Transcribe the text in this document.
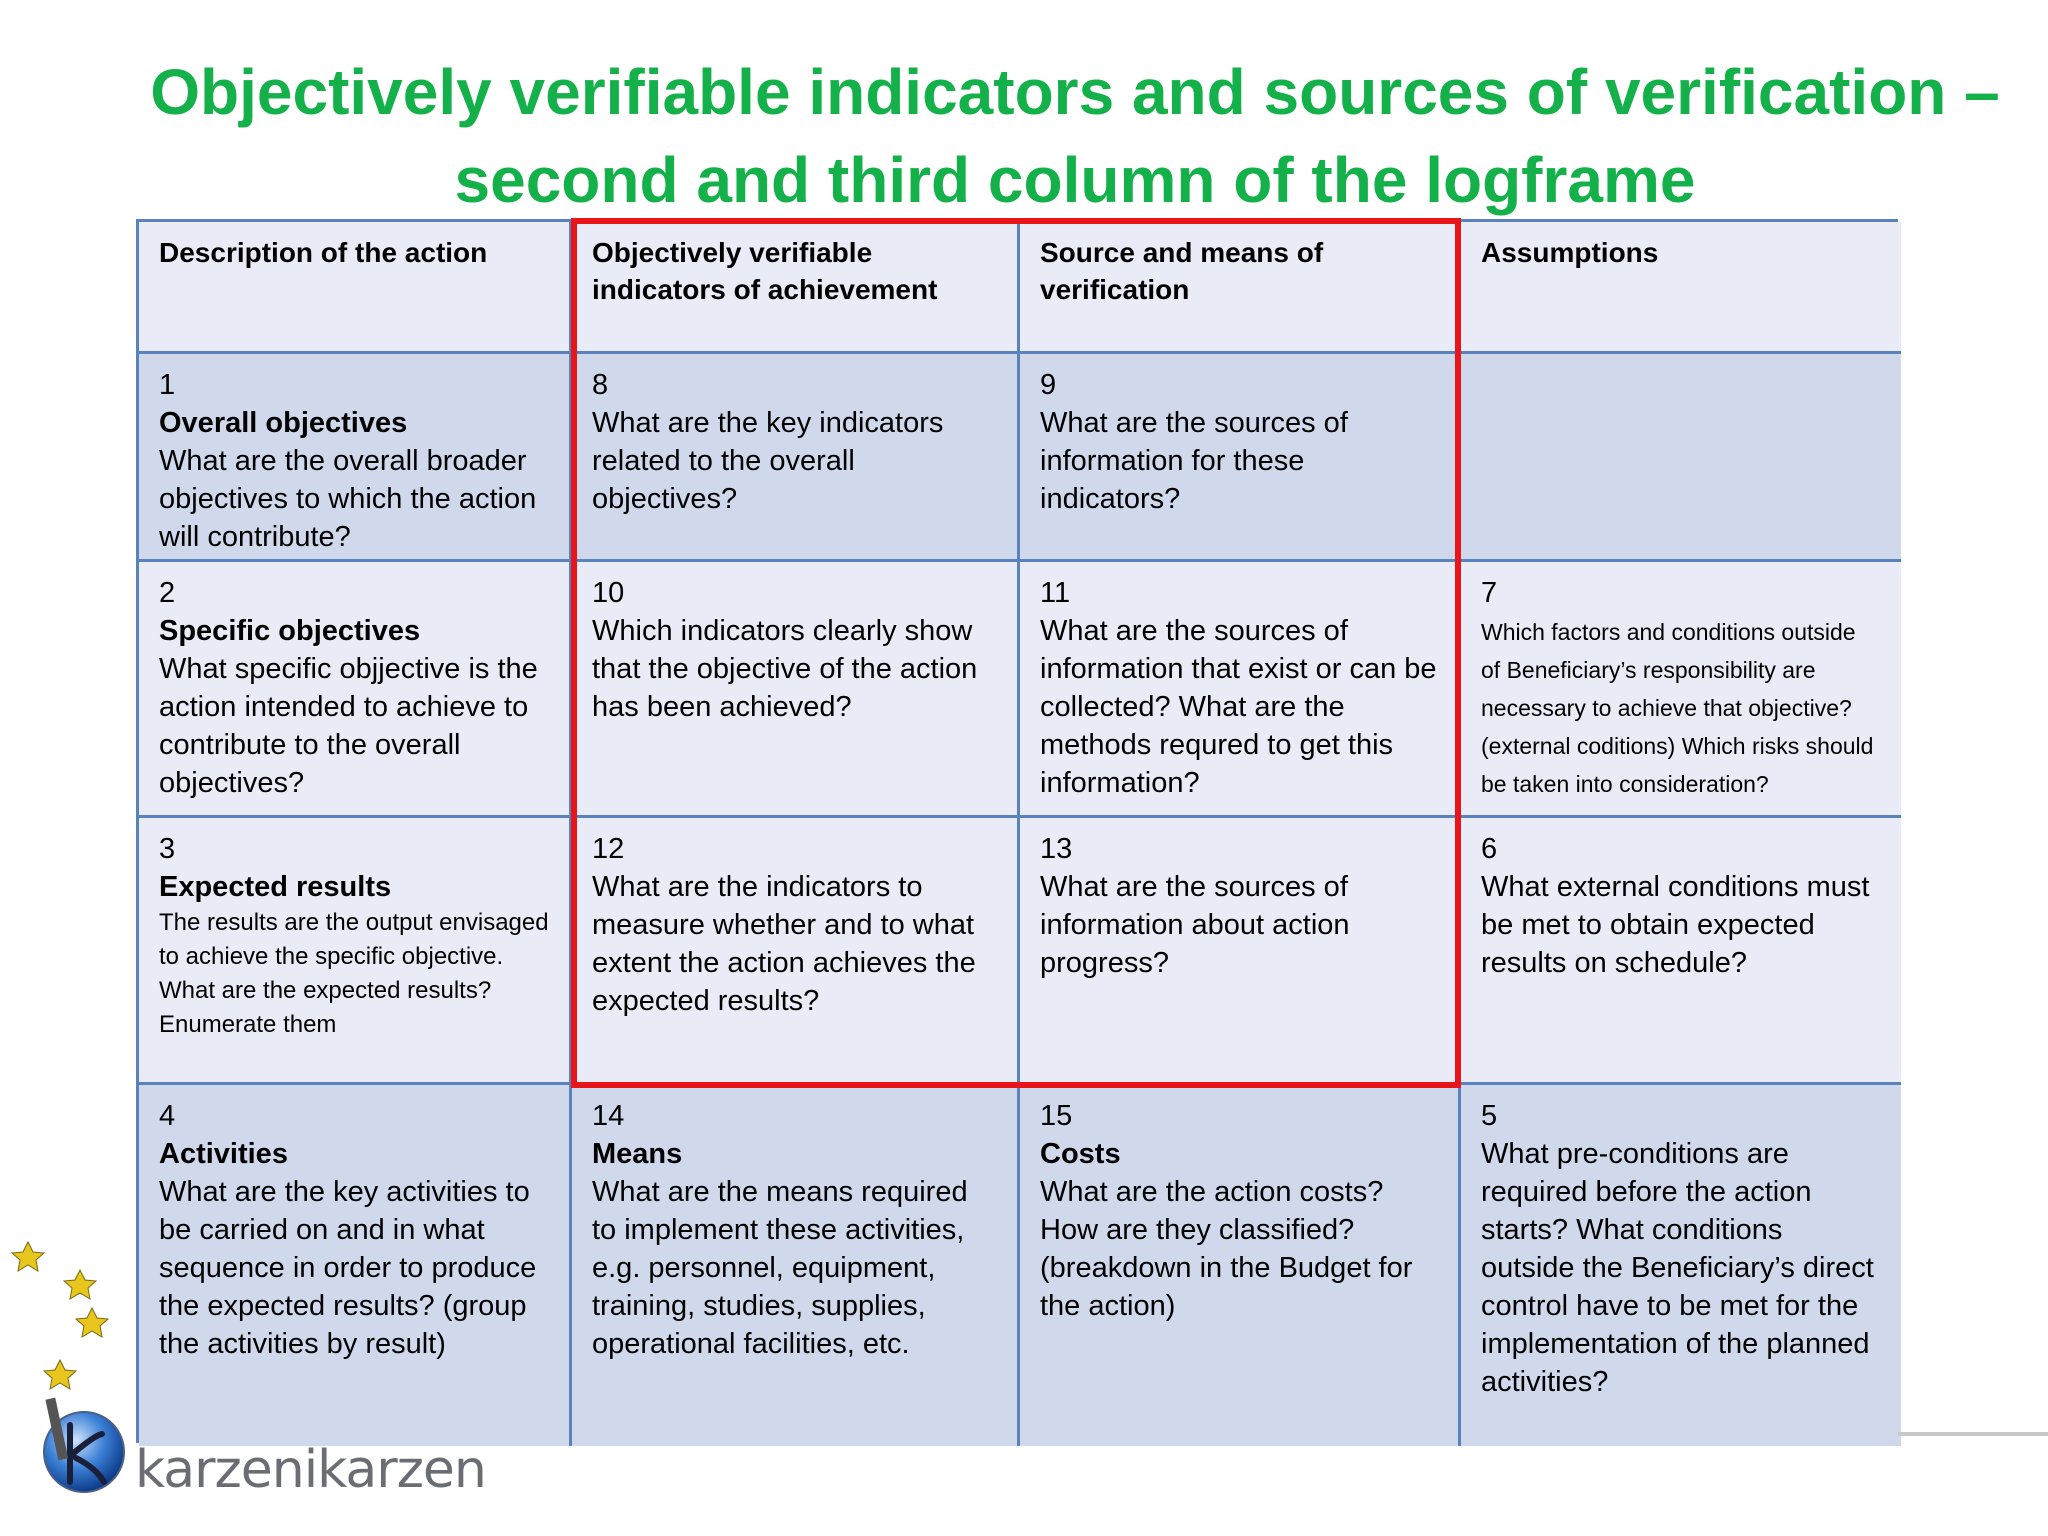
Objectively verifiable indicators and sources of verification –
second and third column of the logframe
Description of the action	Objectively verifiable indicators of achievement
Source and means of verification
Assumptions
1
Overall objectives
What are the overall broader objectives to which the action will contribute?
8
What are the key indicators related to the overall objectives?
9
What are the sources of information for these indicators?
2
Specific objectives
What specific objjective is the action intended to achieve to contribute to the overall objectives?
10
Which indicators clearly show that the objective of the action has been achieved?
11
What are the sources of information that exist or can be collected? What are the methods requred to get this information?
7
Which factors and conditions outside of Beneficiary’s responsibility are necessary to achieve that objective? (external coditions) Which risks should be taken into consideration?
3
Expected results
The results are the output envisaged to achieve the specific objective. What are the expected results?
Enumerate them
12
What are the indicators to measure whether and to what extent the action achieves the expected results?
13
What are the sources of information about action progress?
6
What external conditions must be met to obtain expected results on schedule?
4
Activities
What are the key activities to be carried on and in what sequence in order to produce the expected results? (group the activities by result)
14
Means
What are the means required to implement these activities, e.g. personnel, equipment, training, studies, supplies, operational facilities, etc.
15
Costs
What are the action costs? How are they classified? (breakdown in the Budget for the action)
5
What pre-conditions are required before the action starts? What conditions outside the Beneficiary’s direct control have to be met for the implementation of the planned activities?
karzenikarzen
